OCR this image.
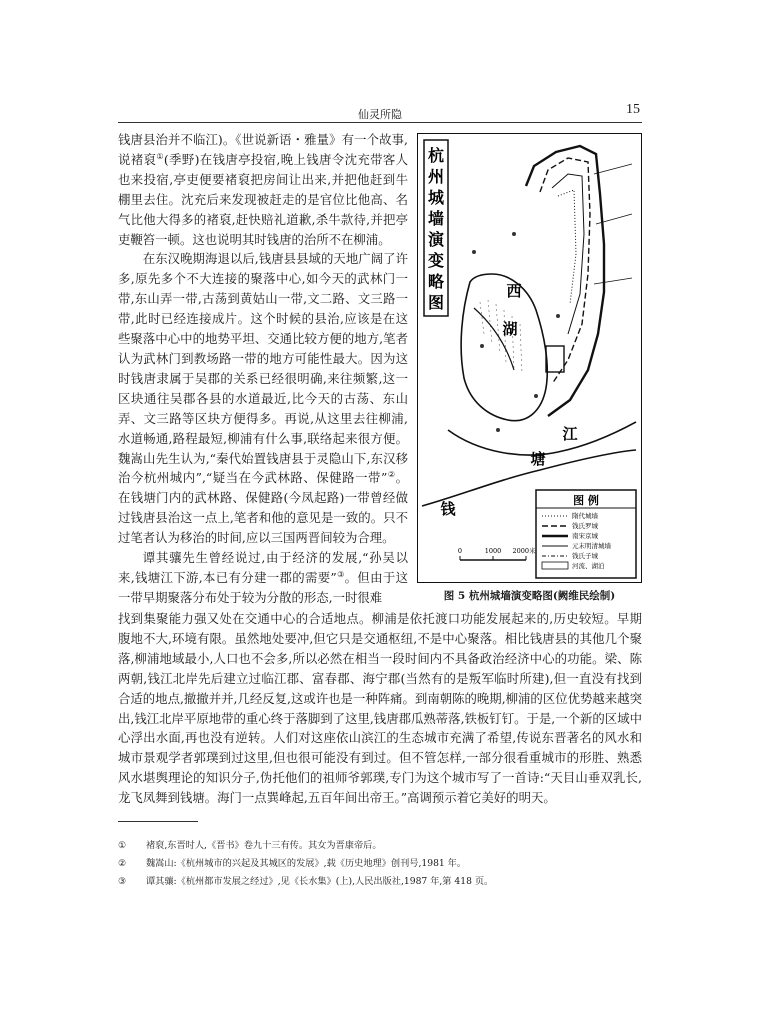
仙灵所隐	15

钱唐县治并不临江)。《世说新语・雅量》有一个故事,说褚裒①(季野)在钱唐亭投宿,晚上钱唐令沈充带客人也来投宿,亭吏便要褚裒把房间让出来,并把他赶到牛棚里去住。沈充后来发现被赶走的是官位比他高、名气比他大得多的褚裒,赶快赔礼道歉,杀牛款待,并把亭吏鞭笞一顿。这也说明其时钱唐的治所不在柳浦。

在东汉晚期海退以后,钱唐县县域的天地广阔了许多,原先多个不大连接的聚落中心,如今天的武林门一带,东山弄一带,古荡到黄姑山一带,文二路、文三路一带,此时已经连接成片。这个时候的县治,应该是在这些聚落中心中的地势平坦、交通比较方便的地方,笔者认为武林门到教场路一带的地方可能性最大。因为这时钱唐隶属于吴郡的关系已经很明确,来往频繁,这一区块通往吴郡各县的水道最近,比今天的古荡、东山弄、文三路等区块方便得多。再说,从这里去往柳浦,水道畅通,路程最短,柳浦有什么事,联络起来很方便。魏嵩山先生认为,“秦代始置钱唐县于灵隐山下,东汉移治今杭州城内”,“疑当在今武林路、保健路一带”②。在钱塘门内的武林路、保健路(今凤起路)一带曾经做过钱唐县治这一点上,笔者和他的意见是一致的。只不过笔者认为移治的时间,应以三国两晋间较为合理。

谭其骧先生曾经说过,由于经济的发展,“孙吴以来,钱塘江下游,本已有分建一郡的需要”③。但由于这一带早期聚落分布处于较为分散的形态,一时很难

找到集聚能力强又处在交通中心的合适地点。柳浦是依托渡口功能发展起来的,历史较短。早期腹地不大,环境有限。虽然地处要冲,但它只是交通枢纽,不是中心聚落。相比钱唐县的其他几个聚落,柳浦地域最小,人口也不会多,所以必然在相当一段时间内不具备政治经济中心的功能。梁、陈两朝,钱江北岸先后建立过临江郡、富春郡、海宁郡(当然有的是叛军临时所建),但一直没有找到合适的地点,撤撤并并,几经反复,这或许也是一种阵痛。到南朝陈的晚期,柳浦的区位优势越来越突出,钱江北岸平原地带的重心终于落脚到了这里,钱唐郡瓜熟蒂落,铁板钉钉。于是,一个新的区域中心浮出水面,再也没有逆转。人们对这座依山滨江的生态城市充满了希望,传说东晋著名的风水和城市景观学者郭璞到过这里,但也很可能没有到过。但不管怎样,一部分很看重城市的形胜、熟悉风水堪舆理论的知识分子,伪托他们的祖师爷郭璞,专门为这个城市写了一首诗:“天目山垂双乳长,龙飞凤舞到钱塘。海门一点巽峰起,五百年间出帝王。”高调预示着它美好的明天。

杭
州
城
墙
演
变
略
图
西
湖
江
塘
钱	图 例
隋代城墙
钱氏罗城
南宋京城
元末明清城墙
钱氏子城
河流、湖泊
0	1000 2000米
图 5 杭州城墙演变略图(阙维民绘制)
①	褚裒,东晋时人,《晋书》卷九十三有传。其女为晋康帝后。
②	魏嵩山:《杭州城市的兴起及其城区的发展》,载《历史地理》创刊号,1981 年。
③	谭其骧:《杭州都市发展之经过》,见《长水集》(上),人民出版社,1987 年,第 418 页。
